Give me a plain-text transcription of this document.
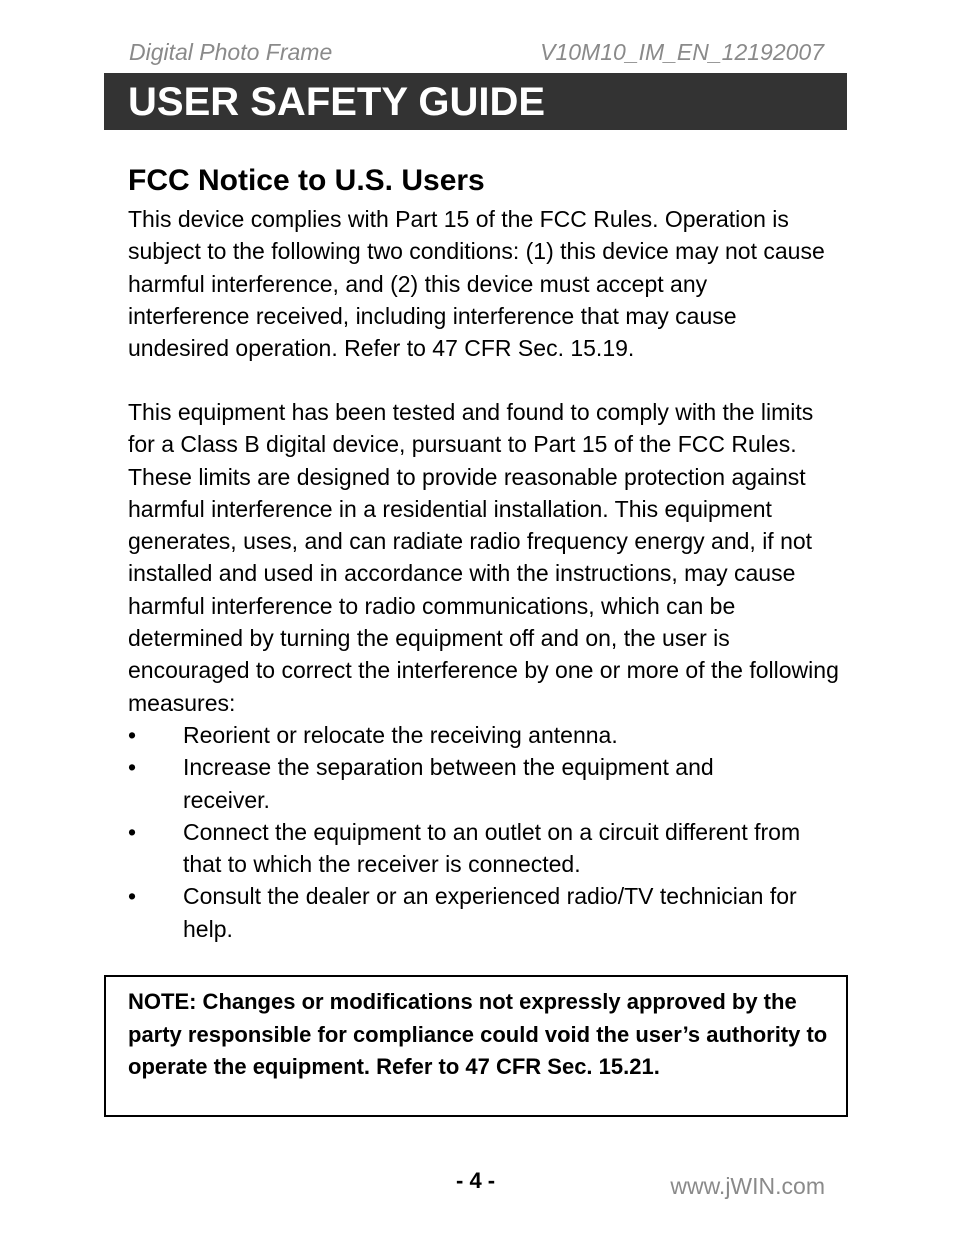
Digital Photo Frame	V10M10_IM_EN_12192007
USER SAFETY GUIDE
FCC Notice to U.S. Users

This device complies with Part 15 of the FCC Rules. Operation is subject to the following two conditions: (1) this device may not cause harmful interference, and (2) this device must accept any interference received, including interference that may cause undesired operation. Refer to 47 CFR Sec. 15.19.

This equipment has been tested and found to comply with the limits for a Class B digital device, pursuant to Part 15 of the FCC Rules. These limits are designed to provide reasonable protection against harmful interference in a residential installation. This equipment generates, uses, and can radiate radio frequency energy and, if not installed and used in accordance with the instructions, may cause harmful interference to radio communications, which can be determined by turning the equipment off and on, the user is encouraged to correct the interference by one or more of the following measures:

• Reorient or relocate the receiving antenna.
• Increase the separation between the equipment and receiver.
• Connect the equipment to an outlet on a circuit different from that to which the receiver is connected.
• Consult the dealer or an experienced radio/TV technician for help.

NOTE: Changes or modifications not expressly approved by the party responsible for compliance could void the user’s authority to operate the equipment. Refer to 47 CFR Sec. 15.21.

- 4 -	www.jWIN.com
